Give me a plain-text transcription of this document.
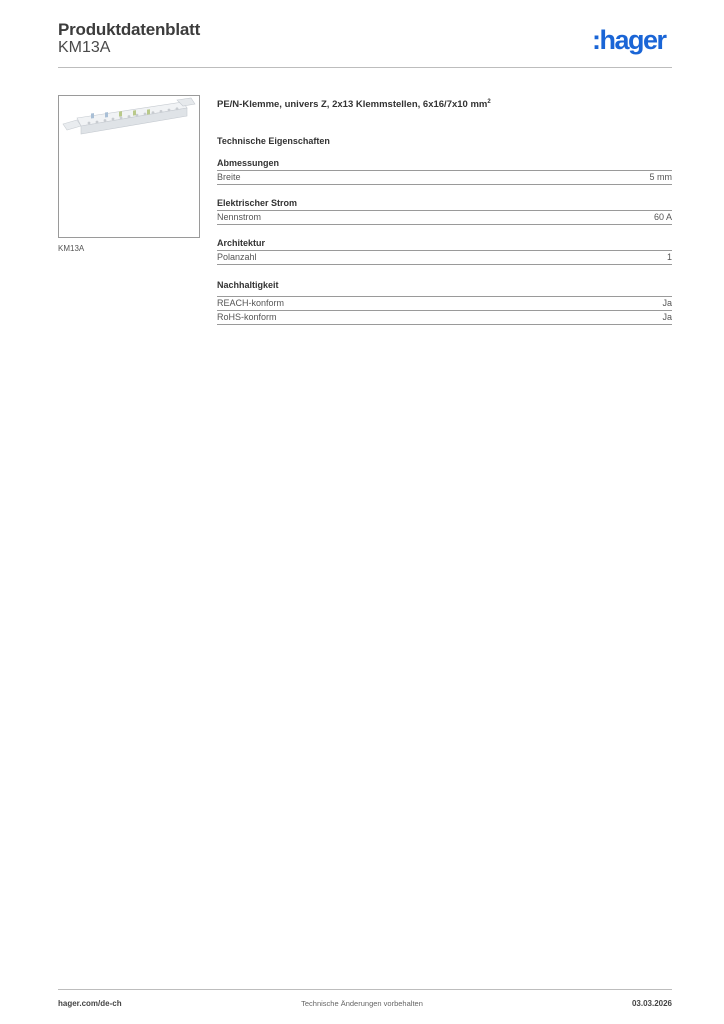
Produktdatenblatt
KM13A	:hager
KM13A
PE/N-Klemme, univers Z, 2x13 Klemmstellen, 6x16/7x10 $mm^2$
Technische Eigenschaften
Abmessungen
Breite	5 mm
Elektrischer Strom
Nennstrom	60 A
Architektur
Polanzahl	1
Nachhaltigkeit
REACH-konform	Ja
RoHS-konform	Ja
hager.com/de-ch	Technische Änderungen vorbehalten	03.03.2026
